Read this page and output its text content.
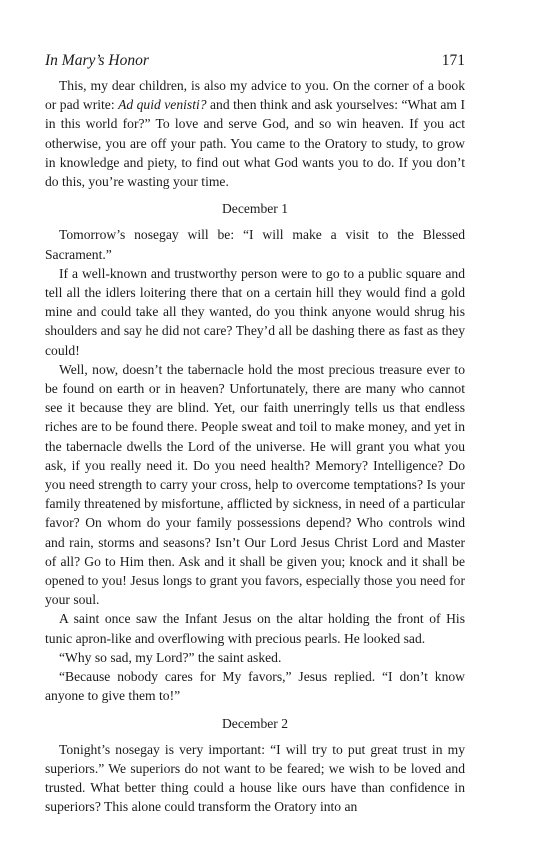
In Mary’s Honor	171

This, my dear children, is also my advice to you. On the corner of a book or pad write: Ad quid venisti? and then think and ask yourselves: “What am I in this world for?” To love and serve God, and so win heaven. If you act otherwise, you are off your path. You came to the Oratory to study, to grow in knowledge and piety, to find out what God wants you to do. If you don’t do this, you’re wasting your time.

December 1

Tomorrow’s nosegay will be: “I will make a visit to the Blessed Sacrament.”

If a well-known and trustworthy person were to go to a public square and tell all the idlers loitering there that on a certain hill they would find a gold mine and could take all they wanted, do you think anyone would shrug his shoulders and say he did not care? They’d all be dashing there as fast as they could!

Well, now, doesn’t the tabernacle hold the most precious treasure ever to be found on earth or in heaven? Unfortunately, there are many who cannot see it because they are blind. Yet, our faith unerringly tells us that endless riches are to be found there. People sweat and toil to make money, and yet in the tabernacle dwells the Lord of the universe. He will grant you what you ask, if you really need it. Do you need health? Memory? Intelligence? Do you need strength to carry your cross, help to overcome temptations? Is your family threatened by misfortune, afflicted by sickness, in need of a particular favor? On whom do your family possessions depend? Who controls wind and rain, storms and seasons? Isn’t Our Lord Jesus Christ Lord and Master of all? Go to Him then. Ask and it shall be given you; knock and it shall be opened to you! Jesus longs to grant you favors, especially those you need for your soul.

A saint once saw the Infant Jesus on the altar holding the front of His tunic apron-like and overflowing with precious pearls. He looked sad.

“Why so sad, my Lord?” the saint asked.

“Because nobody cares for My favors,” Jesus replied. “I don’t know anyone to give them to!”

December 2

Tonight’s nosegay is very important: “I will try to put great trust in my superiors.” We superiors do not want to be feared; we wish to be loved and trusted. What better thing could a house like ours have than confidence in superiors? This alone could transform the Oratory into an
